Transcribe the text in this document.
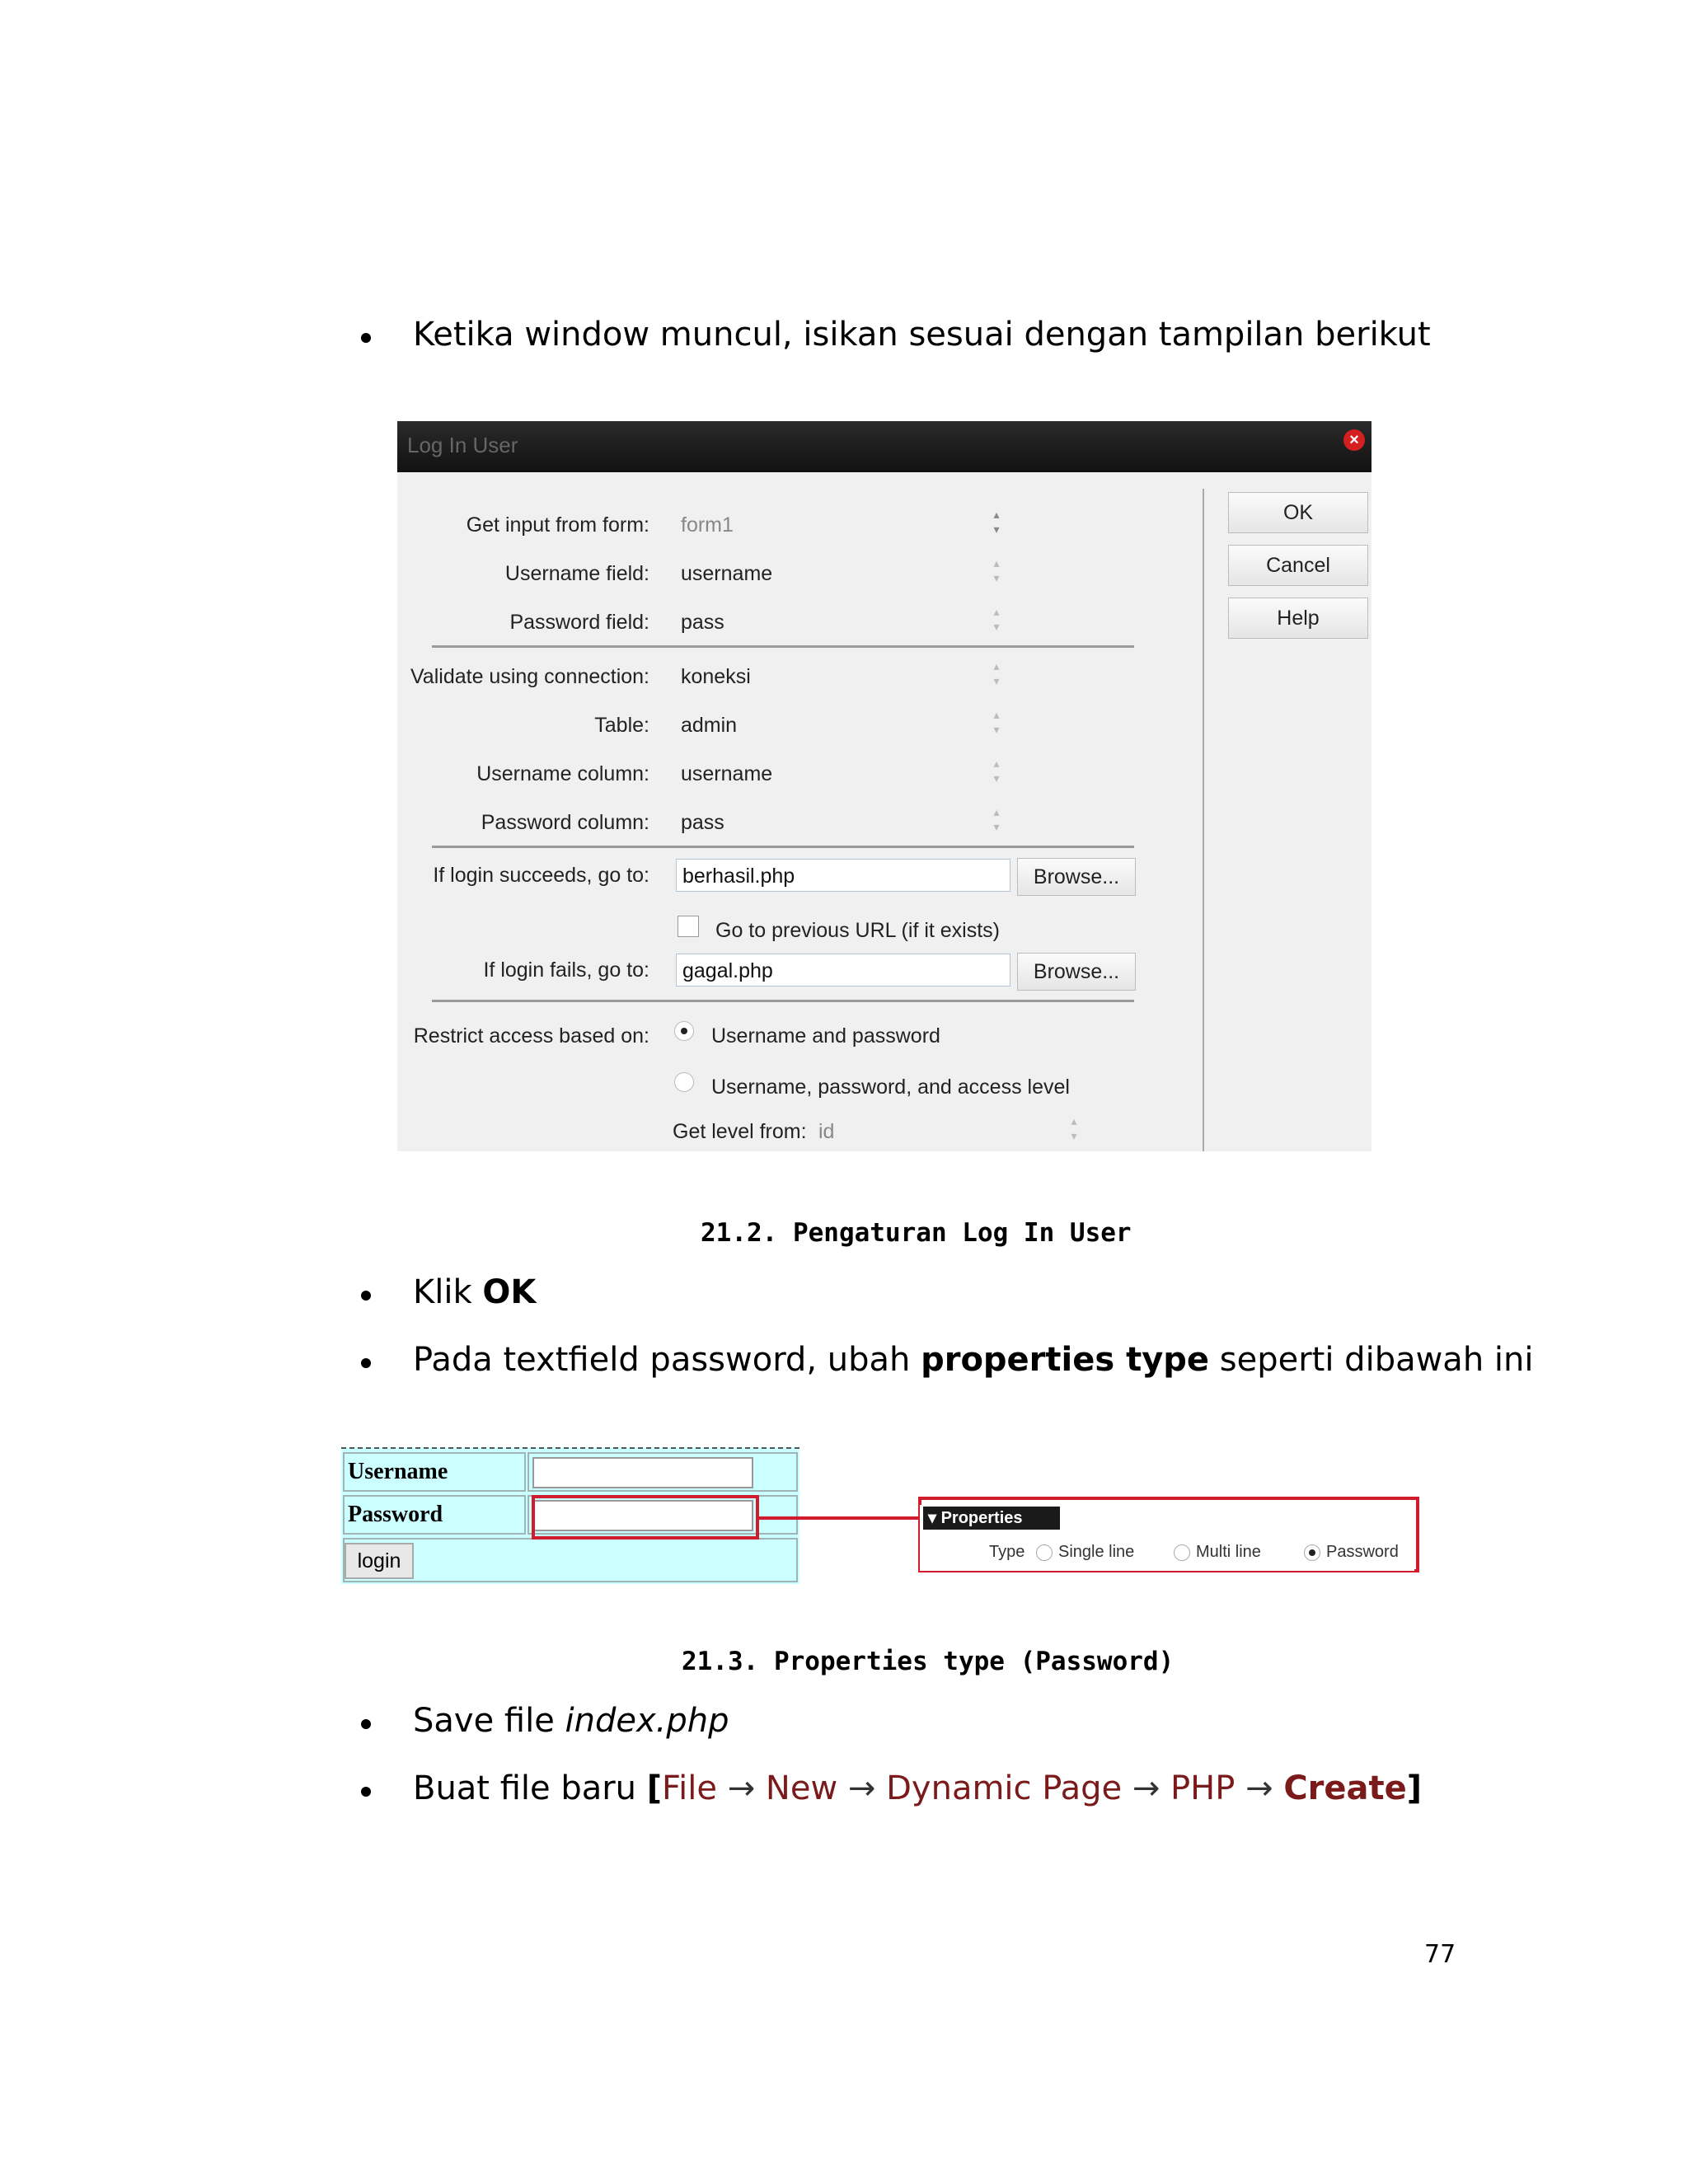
Ketika window muncul, isikan sesuai dengan tampilan berikut
Log In User	×
Get input from form: form1	▴
▾
Username field: username	▴
▾
Password field: pass	▴
▾
Validate using connection: koneksi	▴
▾
Table: admin	▴
▾
Username column: username	▴
▾
Password column: pass	▴
▾
If login succeeds, go to:	berhasil.php	Browse...
Go to previous URL (if it exists)
If login fails, go to:	gagal.php	Browse...
Restrict access based on:	Username and password
Username, password, and access level
Get level from: id	▴
▾
OK
Cancel
Help
21.2. Pengaturan Log In User
Klik OK
Pada textfield password, ubah properties type seperti dibawah ini
Username
Password
login
▾ Properties
Type Single line	Multi line	Password
21.3. Properties type (Password)
Save file index.php
Buat file baru [File → New → Dynamic Page → PHP → Create]
77
